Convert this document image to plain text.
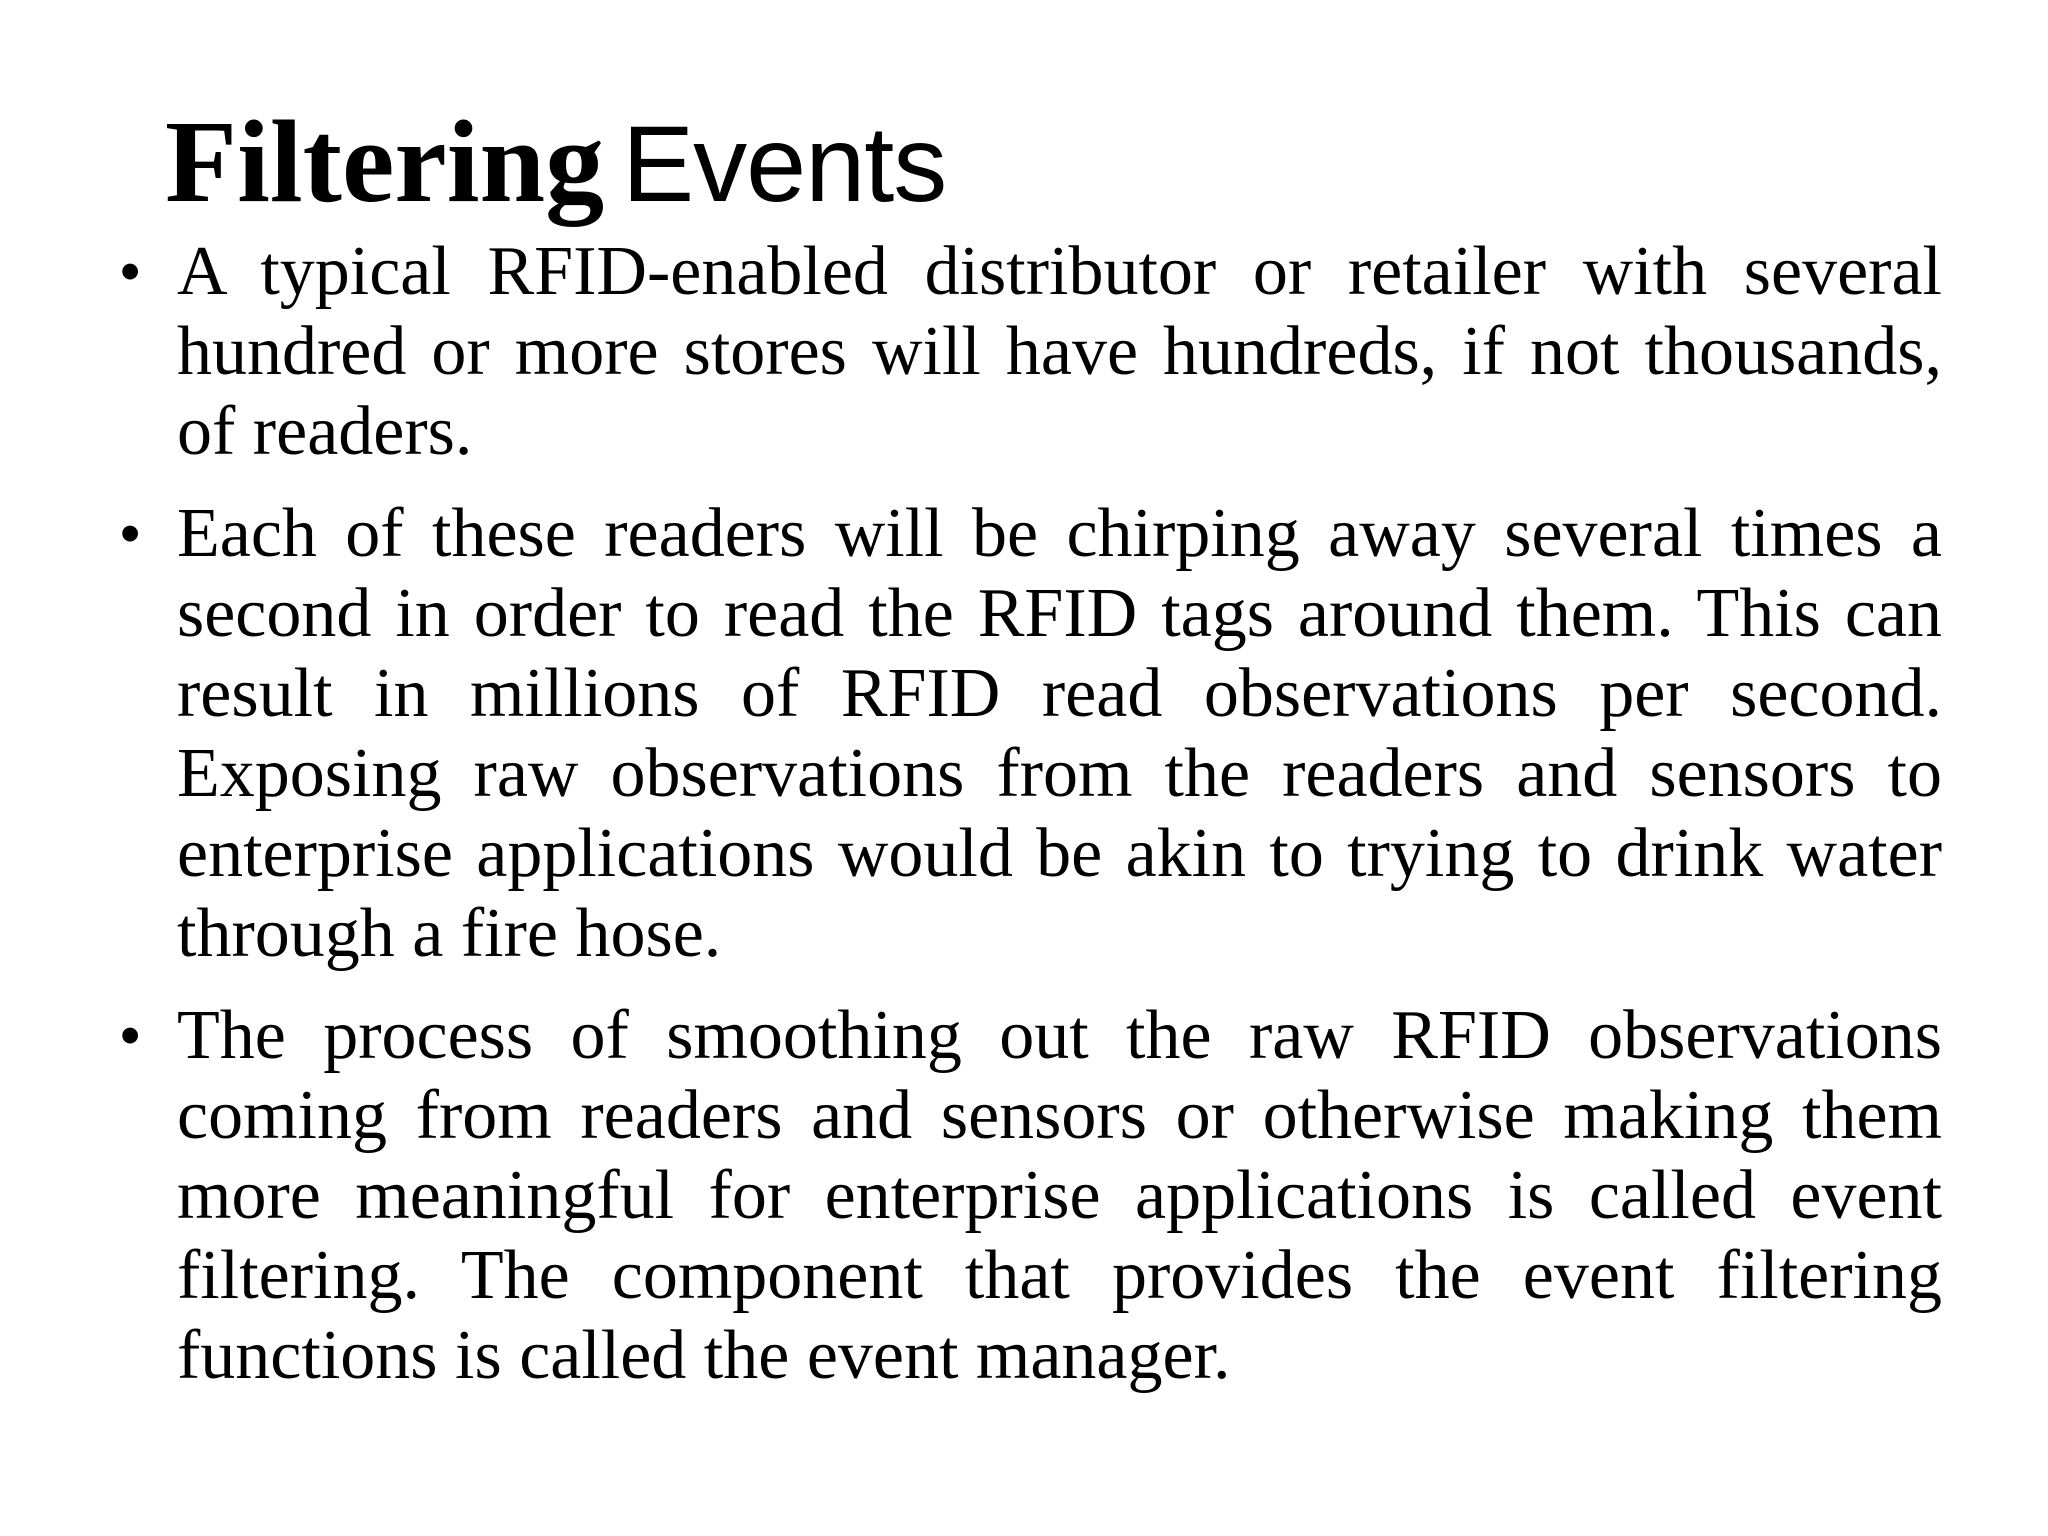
Filtering Events
• A typical RFID-enabled distributor or retailer with several hundred or more stores will have hundreds, if not thousands, of readers.
• Each of these readers will be chirping away several times a second in order to read the RFID tags around them. This can result in millions of RFID read observations per second. Exposing raw observations from the readers and sensors to enterprise applications would be akin to trying to drink water through a fire hose.
• The process of smoothing out the raw RFID observations coming from readers and sensors or otherwise making them more meaningful for enterprise applications is called event filtering. The component that provides the event filtering functions is called the event manager.
